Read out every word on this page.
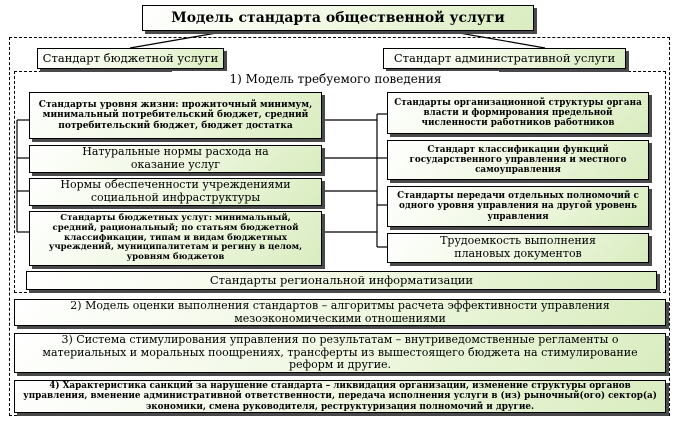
Модель стандарта общественной услуги
Стандарт бюджетной услуги	Стандарт административной услуги
1) Модель требуемого поведения
Стандарты уровня жизни: прожиточный минимум, минимальный потребительский бюджет, средний потребительский бюджет, бюджет достатка
Натуральные нормы расхода на оказание услуг
Нормы обеспеченности учреждениями социальной инфраструктуры
Стандарты бюджетных услуг: минимальный, средний, рациональный; по статьям бюджетной классификации, типам и видам бюджетных учреждений, муниципалитетам и регину в целом, уровням бюджетов
Стандарты организационной структуры органа власти и формирования предельной численности работников работников
Стандарт классификации функций государственного управления и местного самоуправления
Стандарты передачи отдельных полномочий с одного уровня управления на другой уровень управления
Трудоемкость выполнения плановых документов
Стандарты региональной информатизации
2) Модель оценки выполнения стандартов – алгоритмы расчета эффективности управления мезоэкономическими отношениями
3) Система стимулирования управления по результатам – внутриведомственные регламенты о материальных и моральных поощрениях, трансферты из вышестоящего бюджета на стимулирование реформ и другие.
4) Характеристика санкций за нарушение стандарта – ликвидация организации, изменение структуры органов управления, вменение административной ответственности, передача исполнения услуги в (из) рыночный(ого) сектор(а) экономики, смена руководителя, реструктуризация полномочий и другие.
